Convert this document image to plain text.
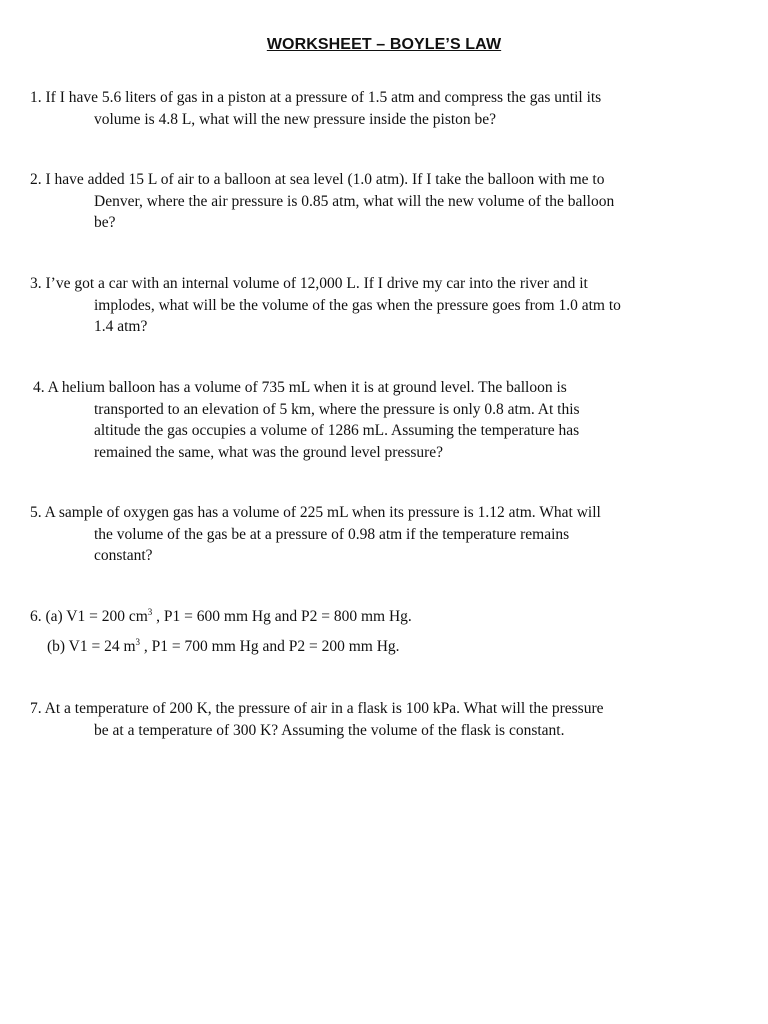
WORKSHEET – BOYLE’S LAW
1. If I have 5.6 liters of gas in a piston at a pressure of 1.5 atm and compress the gas until its
volume is 4.8 L, what will the new pressure inside the piston be?
2. I have added 15 L of air to a balloon at sea level (1.0 atm). If I take the balloon with me to
Denver, where the air pressure is 0.85 atm, what will the new volume of the balloon
be?
3. I’ve got a car with an internal volume of 12,000 L. If I drive my car into the river and it
implodes, what will be the volume of the gas when the pressure goes from 1.0 atm to
1.4 atm?
4. A helium balloon has a volume of 735 mL when it is at ground level. The balloon is
transported to an elevation of 5 km, where the pressure is only 0.8 atm. At this
altitude the gas occupies a volume of 1286 mL. Assuming the temperature has
remained the same, what was the ground level pressure?
5. A sample of oxygen gas has a volume of 225 mL when its pressure is 1.12 atm. What will
the volume of the gas be at a pressure of 0.98 atm if the temperature remains
constant?
6. (a) V1 = 200 $cm^3$ , P1 = 600 mm Hg and P2 = 800 mm Hg.
(b) V1 = 24 $m^3$ , P1 = 700 mm Hg and P2 = 200 mm Hg.
7. At a temperature of 200 K, the pressure of air in a flask is 100 kPa. What will the pressure
be at a temperature of 300 K? Assuming the volume of the flask is constant.
